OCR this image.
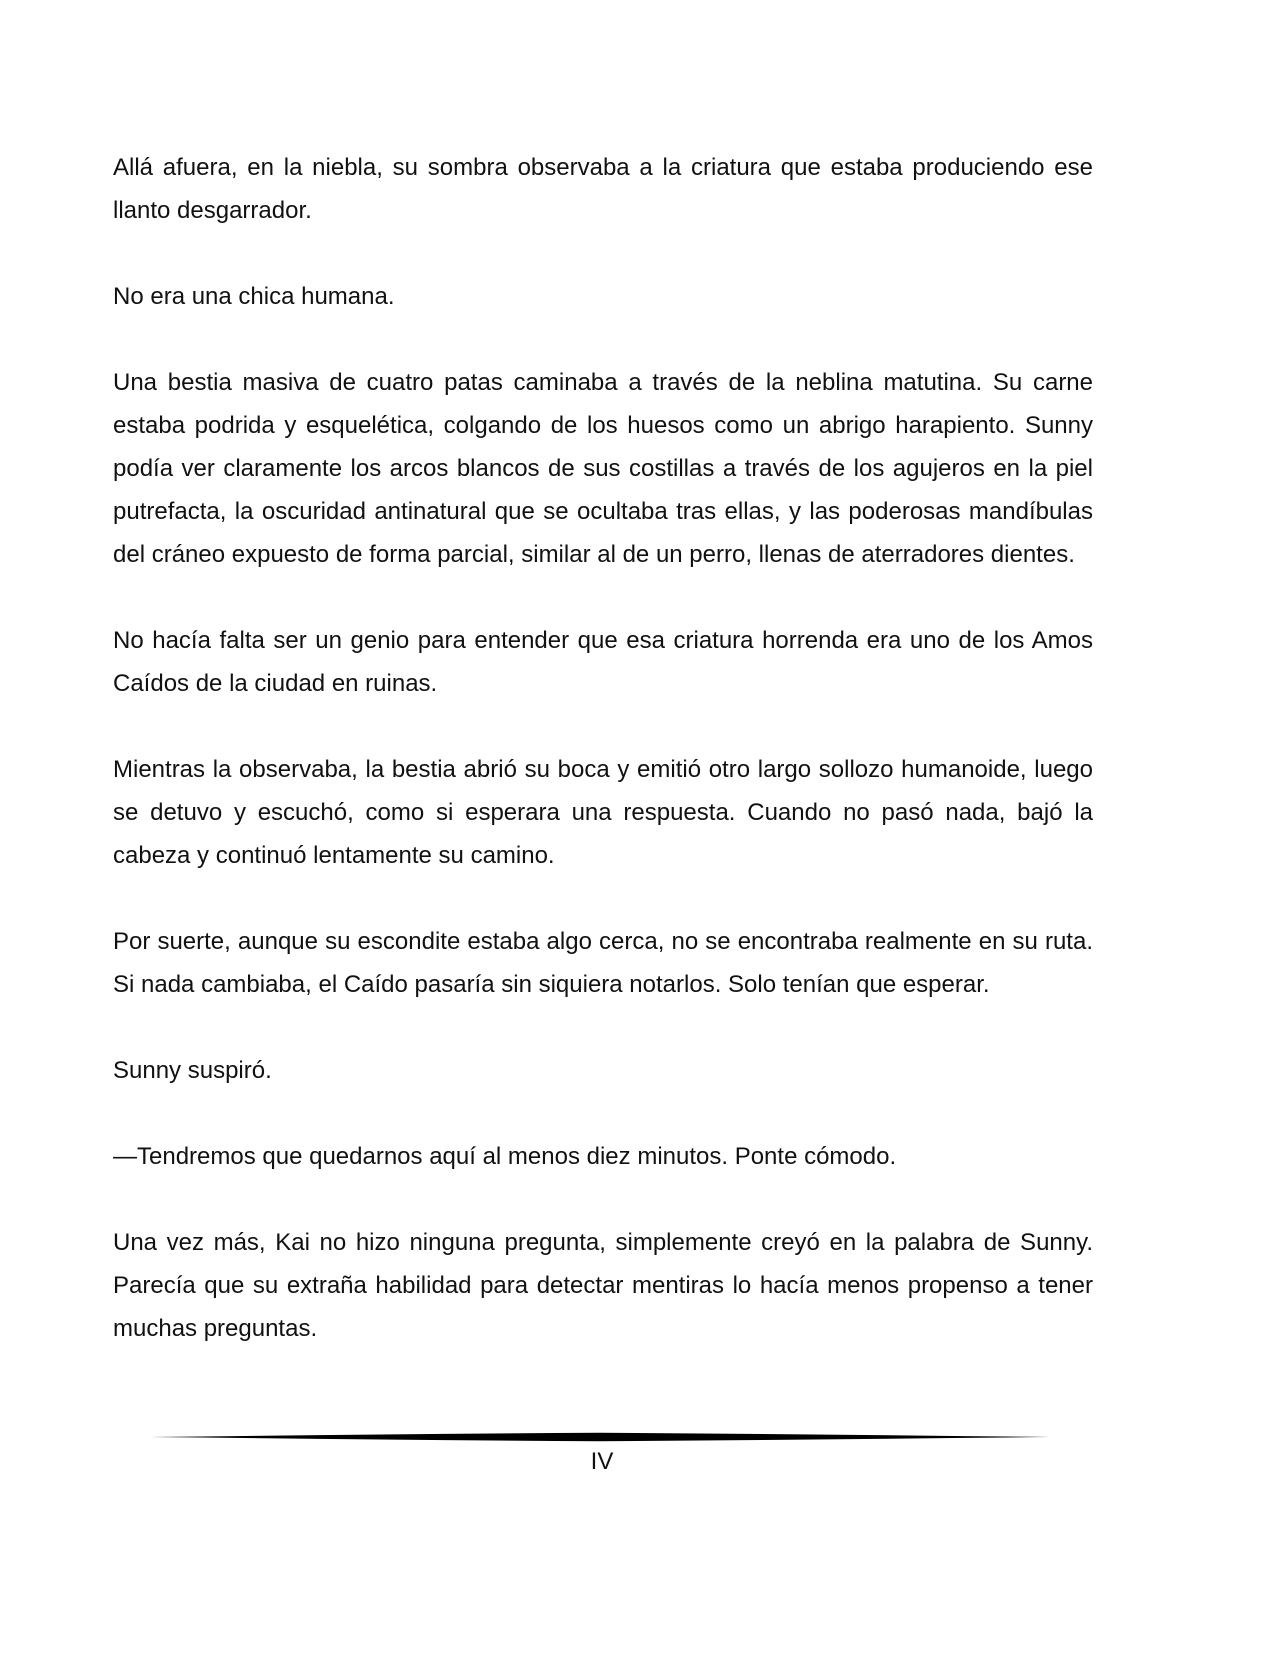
Allá afuera, en la niebla, su sombra observaba a la criatura que estaba produciendo ese llanto desgarrador.

No era una chica humana.

Una bestia masiva de cuatro patas caminaba a través de la neblina matutina. Su carne estaba podrida y esquelética, colgando de los huesos como un abrigo harapiento. Sunny podía ver claramente los arcos blancos de sus costillas a través de los agujeros en la piel putrefacta, la oscuridad antinatural que se ocultaba tras ellas, y las poderosas mandíbulas del cráneo expuesto de forma parcial, similar al de un perro, llenas de aterradores dientes.

No hacía falta ser un genio para entender que esa criatura horrenda era uno de los Amos Caídos de la ciudad en ruinas.

Mientras la observaba, la bestia abrió su boca y emitió otro largo sollozo humanoide, luego se detuvo y escuchó, como si esperara una respuesta. Cuando no pasó nada, bajó la cabeza y continuó lentamente su camino.

Por suerte, aunque su escondite estaba algo cerca, no se encontraba realmente en su ruta. Si nada cambiaba, el Caído pasaría sin siquiera notarlos. Solo tenían que esperar.

Sunny suspiró.

—Tendremos que quedarnos aquí al menos diez minutos. Ponte cómodo.

Una vez más, Kai no hizo ninguna pregunta, simplemente creyó en la palabra de Sunny. Parecía que su extraña habilidad para detectar mentiras lo hacía menos propenso a tener muchas preguntas.

IV
